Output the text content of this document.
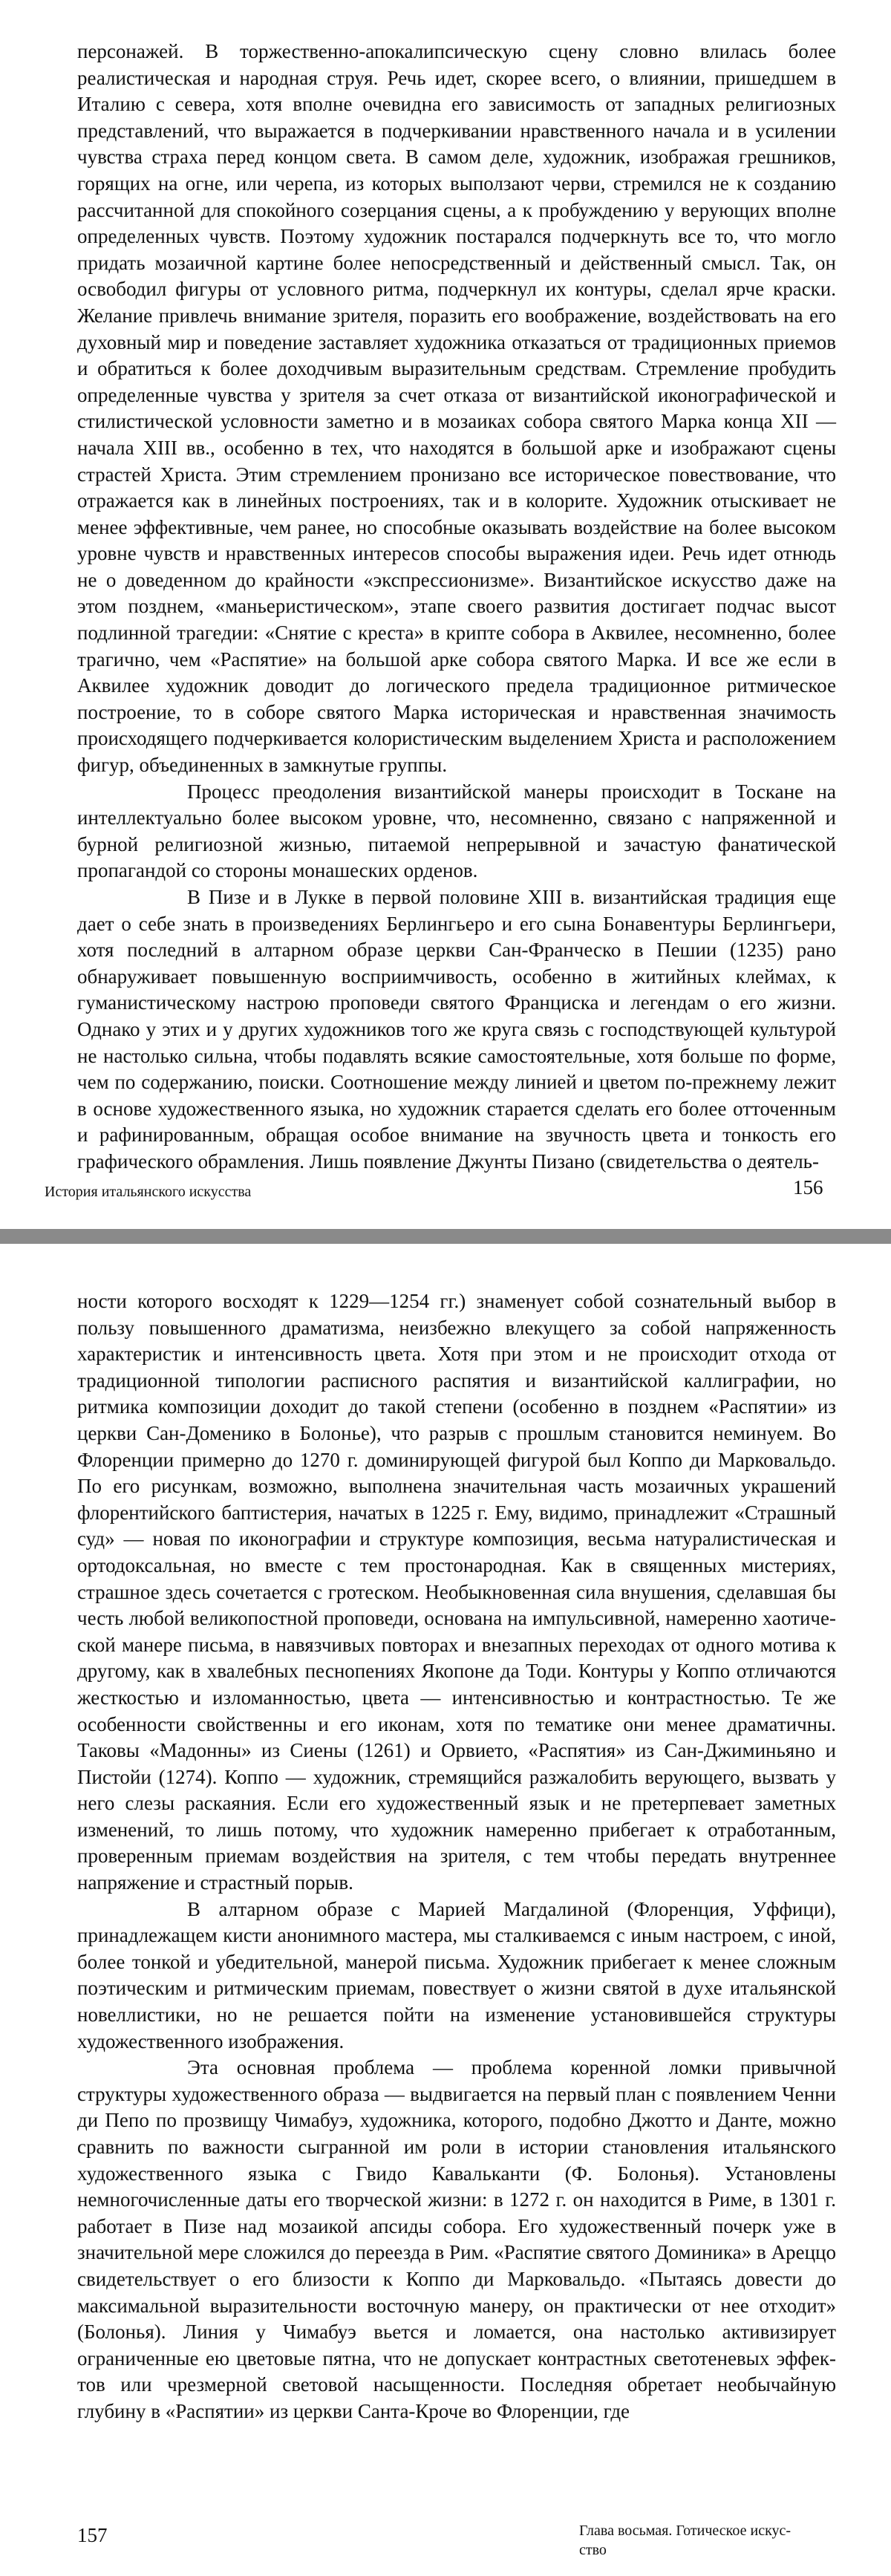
персонажей. В торжественно-апокалипсическую сцену словно влилась более реалистическая и народная струя. Речь идет, скорее всего, о влиянии, пришедшем в Италию с севера, хотя вполне очевидна его зависимость от западных религиозных представлений, что выражается в подчеркивании нравственного начала и в усилении чувства страха перед концом света. В самом деле, художник, изображая грешников, горящих на огне, или черепа, из которых выползают черви, стремился не к созданию рассчитанной для спокойного созерцания сцены, а к пробуждению у верующих вполне определенных чувств. Поэтому художник постарался подчеркнуть все то, что могло придать мозаичной картине более непосредственный и действенный смысл. Так, он освободил фигуры от условного ритма, подчеркнул их контуры, сделал ярче краски. Желание привлечь внимание зрителя, поразить его воображение, воздействовать на его духовный мир и поведение заставляет художника отказаться от традиционных приемов и обратиться к более доходчивым выразительным средствам. Стремление пробудить определенные чувства у зрителя за счет отказа от византийской иконографической и стилистической условности заметно и в мозаиках собора святого Марка конца XII — начала XIII вв., особенно в тех, что находятся в большой арке и изображают сцены страстей Христа. Этим стремлением пронизано все историческое повествование, что отражается как в линейных построениях, так и в колорите. Художник отыскивает не менее эффективные, чем ранее, но способные оказывать воздействие на более высоком уровне чувств и нравственных интересов способы выражения идеи. Речь идет отнюдь не о доведенном до крайности «экспрессионизме». Византийское искусство даже на этом позднем, «маньеристическом», этапе своего развития достигает подчас высот подлинной трагедии: «Снятие с креста» в крипте собора в Аквилее, несомненно, более трагично, чем «Распятие» на большой арке собора святого Марка. И все же если в Аквилее художник доводит до логического предела традиционное ритмическое построение, то в соборе святого Марка историческая и нравственная значимость происходящего подчеркивается колористическим выделением Христа и расположением фигур, объединенных в замкнутые группы.

Процесс преодоления византийской манеры происходит в Тоскане на интеллектуально более высоком уровне, что, несомненно, связано с напряженной и бурной религиозной жизнью, питаемой непрерывной и зачастую фанатической пропагандой со стороны монашеских орденов.

В Пизе и в Лукке в первой половине XIII в. византийская традиция еще дает о себе знать в произведениях Берлингьеро и его сына Бонавентуры Берлингьери, хотя последний в алтарном образе церкви Сан-Франческо в Пешии (1235) рано обнаруживает повышенную восприимчивость, особенно в житийных клеймах, к гуманистическому настрою проповеди святого Франциска и легендам о его жизни. Однако у этих и у других художников того же круга связь с господствующей культурой не настолько сильна, чтобы подавлять всякие самостоятельные, хотя больше по форме, чем по содержанию, поиски. Соотношение между линией и цветом по-прежнему лежит в основе художественного языка, но художник старается сделать его более отточенным и рафинированным, обращая особое внимание на звучность цвета и тонкость его графического обрамления. Лишь появление Джунты Пизано (свидетельства о деятель-

История итальянского искусства	156

ности которого восходят к 1229—1254 гг.) знаменует собой сознательный выбор в пользу повышенного драматизма, неизбежно влекущего за собой напряженность характеристик и интенсивность цвета. Хотя при этом и не происходит отхода от традиционной типологии расписного распятия и византийской каллиграфии, но ритмика композиции доходит до такой степени (особенно в позднем «Распятии» из церкви Сан-Доменико в Болонье), что разрыв с прошлым становится неминуем. Во Флоренции примерно до 1270 г. доминирующей фигурой был Коппо ди Марковальдо. По его рисункам, возможно, выполнена значительная часть мозаичных украшений флорентийского баптистерия, начатых в 1225 г. Ему, видимо, принадлежит «Страшный суд» — новая по иконографии и структуре композиция, весьма натуралистическая и ортодоксальная, но вместе с тем простонародная. Как в священных мистериях, страшное здесь сочетается с гротеском. Необыкновенная сила внушения, сделавшая бы честь любой великопостной проповеди, основана на импульсивной, намеренно хаотической манере письма, в навязчивых повторах и внезапных переходах от одного мотива к другому, как в хвалебных песнопениях Якопоне да Тоди. Контуры у Коппо отличаются жесткостью и изломанностью, цвета — интенсивностью и контрастностью. Те же особенности свойственны и его иконам, хотя по тематике они менее драматичны. Таковы «Мадонны» из Сиены (1261) и Орвието, «Распятия» из Сан-Джиминьяно и Пистойи (1274). Коппо — художник, стремящийся разжалобить верующего, вызвать у него слезы раскаяния. Если его художественный язык и не претерпевает заметных изменений, то лишь потому, что художник намеренно прибегает к отработанным, проверенным приемам воздействия на зрителя, с тем чтобы передать внутреннее напряжение и страстный порыв.

В алтарном образе с Марией Магдалиной (Флоренция, Уффици), принадлежащем кисти анонимного мастера, мы сталкиваемся с иным настроем, с иной, более тонкой и убедительной, манерой письма. Художник прибегает к менее сложным поэтическим и ритмическим приемам, повествует о жизни святой в духе итальянской новеллистики, но не решается пойти на изменение установившейся структуры художественного изображения.

Эта основная проблема — проблема коренной ломки привычной структуры художественного образа — выдвигается на первый план с появлением Ченни ди Пепо по прозвищу Чимабуэ, художника, которого, подобно Джотто и Данте, можно сравнить по важности сыгранной им роли в истории становления итальянского художественного языка с Гвидо Кавальканти (Ф. Болонья). Установлены немногочисленные даты его творческой жизни: в 1272 г. он находится в Риме, в 1301 г. работает в Пизе над мозаикой апсиды собора. Его художественный почерк уже в значительной мере сложился до переезда в Рим. «Распятие святого Доминика» в Ареццо свидетельствует о его близости к Коппо ди Марковальдо. «Пытаясь довести до максимальной выразительности восточную манеру, он практически от нее отходит» (Болонья). Линия у Чимабуэ вьется и ломается, она настолько активизирует ограниченные ею цветовые пятна, что не допускает контрастных светотеневых эффектов или чрезмерной световой насыщенности. Последняя обретает необычайную глубину в «Распятии» из церкви Санта-Кроче во Флоренции, где

157	Глава восьмая. Готическое искусство
